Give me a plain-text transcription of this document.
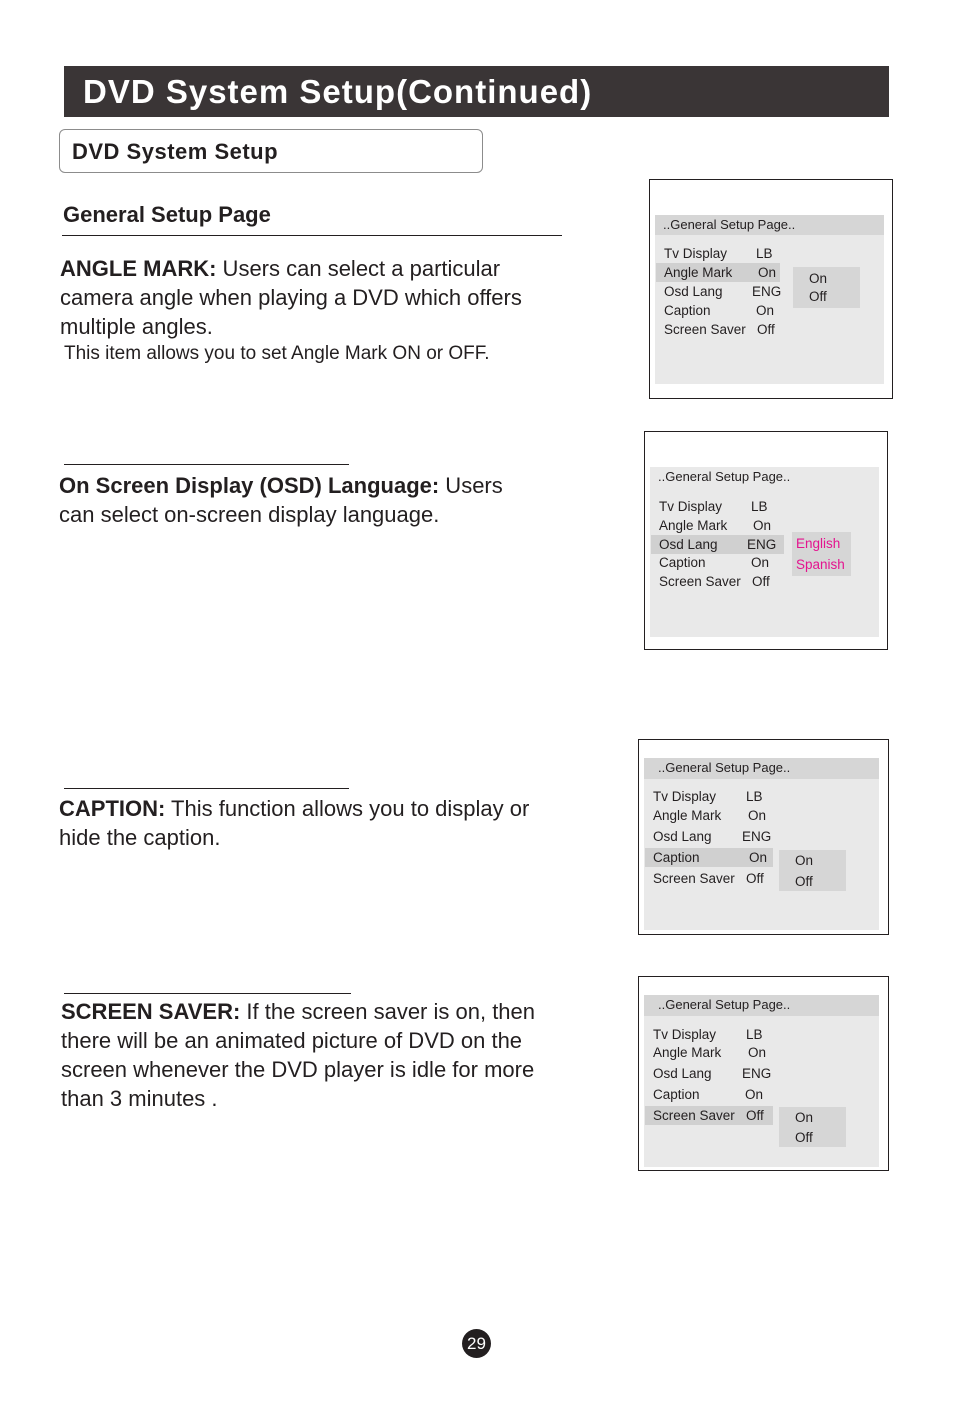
DVD System Setup(Continued)
DVD System Setup
General Setup Page
ANGLE MARK: Users can select a particular
camera angle when playing a DVD which offers
multiple angles.
This item allows you to set Angle Mark ON or OFF.
On Screen Display (OSD) Language: Users
can select on-screen display language.
CAPTION: This function allows you to display or
hide the caption.
SCREEN SAVER: If the screen saver is on, then
there will be an animated picture of DVD on the
screen whenever the DVD player is idle for more
than 3 minutes .
..General Setup Page..
Tv Display LB
Angle Mark On
Osd Lang ENG
Caption	On
Screen Saver Off
On
Off
..General Setup Page..
Tv Display LB
Angle Mark On
Osd Lang ENG
Caption	On
Screen Saver Off
English
Spanish
..General Setup Page..
Tv Display LB
Angle Mark On
Osd Lang ENG
Caption	On
Screen Saver Off
On
Off
..General Setup Page..
Tv Display LB
Angle Mark On
Osd Lang ENG
Caption	On
Screen Saver Off	On
Off
29
